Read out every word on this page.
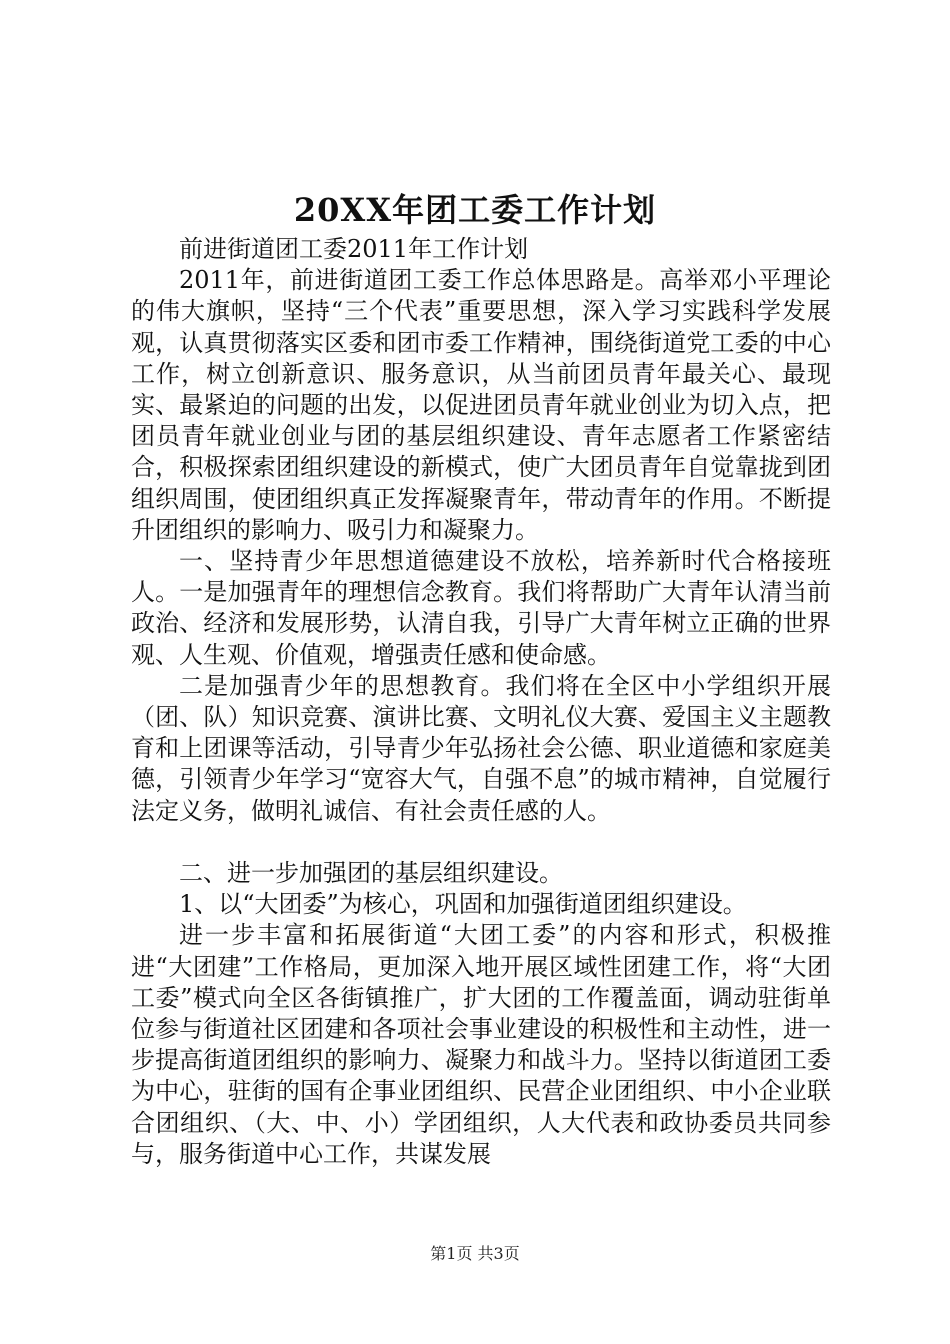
20XX年团工委工作计划

前进街道团工委2011年工作计划

2011年，前进街道团工委工作总体思路是。高举邓小平理论的伟大旗帜，坚持“三个代表”重要思想，深入学习实践科学发展观，认真贯彻落实区委和团市委工作精神，围绕街道党工委的中心工作，树立创新意识、服务意识，从当前团员青年最关心、最现实、最紧迫的问题的出发，以促进团员青年就业创业为切入点，把团员青年就业创业与团的基层组织建设、青年志愿者工作紧密结合，积极探索团组织建设的新模式，使广大团员青年自觉靠拢到团组织周围，使团组织真正发挥凝聚青年，带动青年的作用。不断提升团组织的影响力、吸引力和凝聚力。

一、坚持青少年思想道德建设不放松，培养新时代合格接班人。一是加强青年的理想信念教育。我们将帮助广大青年认清当前政治、经济和发展形势，认清自我，引导广大青年树立正确的世界观、人生观、价值观，增强责任感和使命感。

二是加强青少年的思想教育。我们将在全区中小学组织开展（团、队）知识竞赛、演讲比赛、文明礼仪大赛、爱国主义主题教育和上团课等活动，引导青少年弘扬社会公德、职业道德和家庭美德，引领青少年学习“宽容大气，自强不息”的城市精神，自觉履行法定义务，做明礼诚信、有社会责任感的人。

二、进一步加强团的基层组织建设。

1、以“大团委”为核心，巩固和加强街道团组织建设。

进一步丰富和拓展街道“大团工委”的内容和形式，积极推进“大团建”工作格局，更加深入地开展区域性团建工作，将“大团工委”模式向全区各街镇推广，扩大团的工作覆盖面，调动驻街单位参与街道社区团建和各项社会事业建设的积极性和主动性，进一步提高街道团组织的影响力、凝聚力和战斗力。坚持以街道团工委为中心，驻街的国有企事业团组织、民营企业团组织、中小企业联合团组织、（大、中、小）学团组织，人大代表和政协委员共同参与，服务街道中心工作，共谋发展

第1页 共3页
